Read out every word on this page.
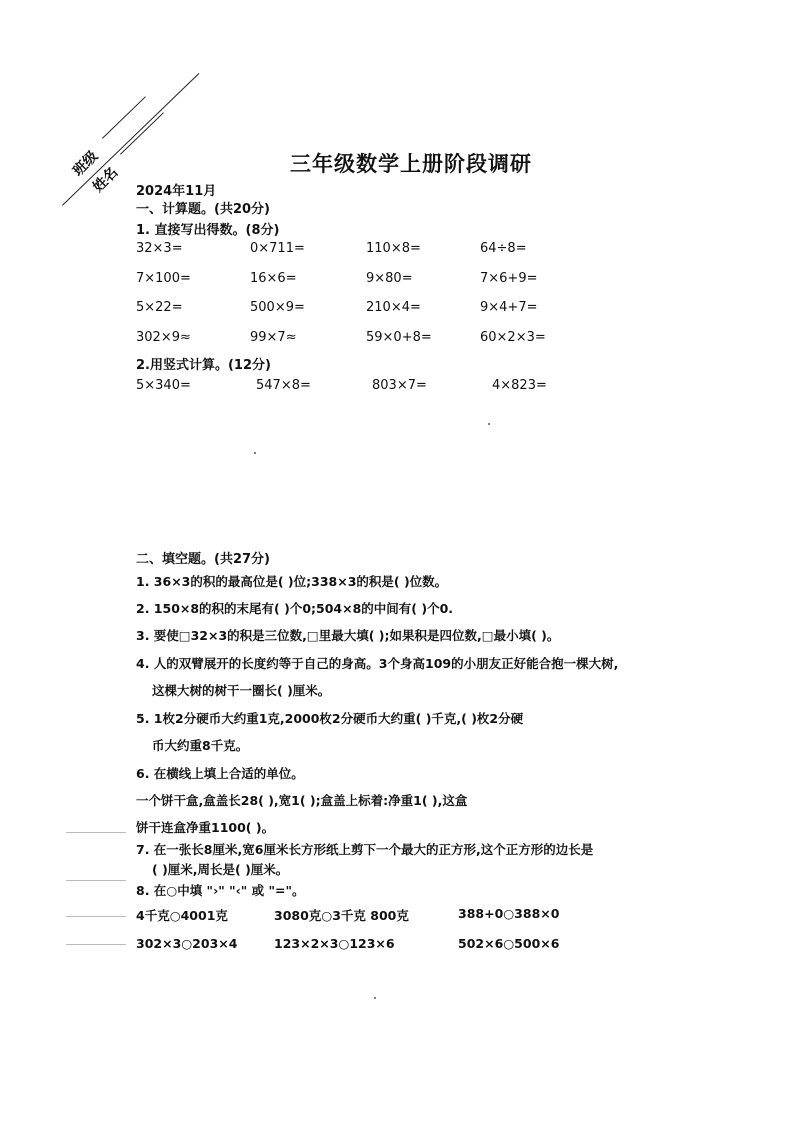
班级
姓名
三年级数学上册阶段调研
2024年11月
一、计算题。(共20分)
1. 直接写出得数。(8分)
32×3=	0×711=	110×8=	64÷8=
7×100=	16×6=	9×80=	7×6+9=
5×22=	500×9=	210×4=	9×4+7=
302×9≈	99×7≈	59×0+8=	60×2×3=
2.用竖式计算。(12分)
5×340=	547×8=	803×7=	4×823=
二、填空题。(共27分)
1. 36×3的积的最高位是( )位;338×3的积是( )位数。
2. 150×8的积的末尾有( )个0;504×8的中间有( )个0.
3. 要使□32×3的积是三位数,□里最大填( );如果积是四位数,□最小填( )。
4. 人的双臂展开的长度约等于自己的身高。3个身高109的小朋友正好能合抱一棵大树,
这棵大树的树干一圈长( )厘米。
5. 1枚2分硬币大约重1克,2000枚2分硬币大约重( )千克,( )枚2分硬
币大约重8千克。
6. 在横线上填上合适的单位。
一个饼干盒,盒盖长28( ),宽1( );盒盖上标着:净重1( ),这盒
饼干连盒净重1100( )。
7. 在一张长8厘米,宽6厘米长方形纸上剪下一个最大的正方形,这个正方形的边长是
( )厘米,周长是( )厘米。
8. 在○中填 "›" "‹" 或 "="。
4千克○4001克	3080克○3千克 800克	388+0○388×0
302×3○203×4	123×2×3○123×6	502×6○500×6
